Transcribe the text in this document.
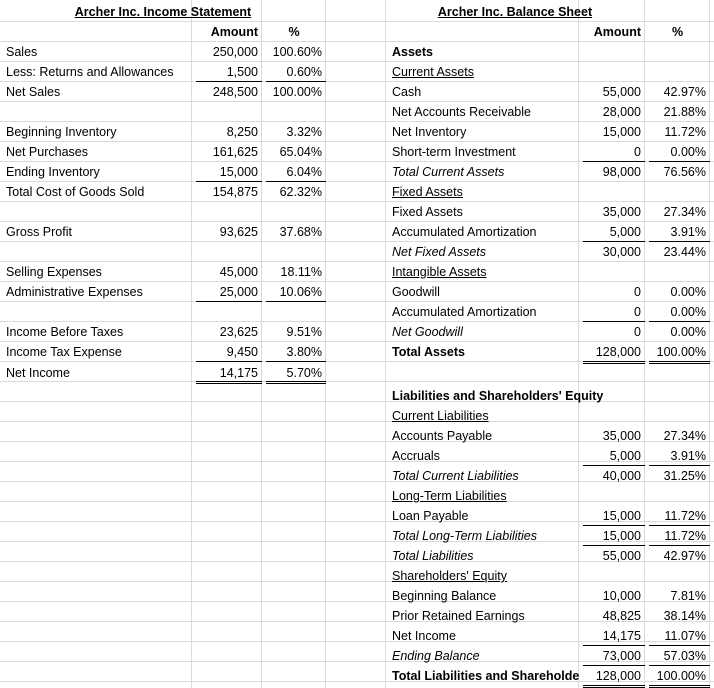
Archer Inc. Income Statement
Amount	%
Sales	250,000	100.60%
Less: Returns and Allowances	1,500	0.60%
Net Sales	248,500	100.00%
Beginning Inventory	8,250	3.32%
Net Purchases	161,625	65.04%
Ending Inventory	15,000	6.04%
Total Cost of Goods Sold	154,875	62.32%
Gross Profit	93,625	37.68%
Selling Expenses	45,000	18.11%
Administrative Expenses	25,000	10.06%
Income Before Taxes	23,625	9.51%
Income Tax Expense	9,450	3.80%
Net Income	14,175	5.70%
Archer Inc. Balance Sheet
Amount	%
Assets
Current Assets
Cash	55,000	42.97%
Net Accounts Receivable	28,000	21.88%
Net Inventory	15,000	11.72%
Short-term Investment	0	0.00%
Total Current Assets	98,000	76.56%
Fixed Assets
Fixed Assets	35,000	27.34%
Accumulated Amortization	5,000	3.91%
Net Fixed Assets	30,000	23.44%
Intangible Assets
Goodwill	0	0.00%
Accumulated Amortization	0	0.00%
Net Goodwill	0	0.00%
Total Assets	128,000	100.00%
Liabilities and Shareholders' Equity
Current Liabilities
Accounts Payable	35,000	27.34%
Accruals	5,000	3.91%
Total Current Liabilities	40,000	31.25%
Long-Term Liabilities
Loan Payable	15,000	11.72%
Total Long-Term Liabilities	15,000	11.72%
Total Liabilities	55,000	42.97%
Shareholders' Equity
Beginning Balance	10,000	7.81%
Prior Retained Earnings	48,825	38.14%
Net Income	14,175	11.07%
Ending Balance	73,000	57.03%
Total Liabilities and Shareholde	128,000	100.00%
